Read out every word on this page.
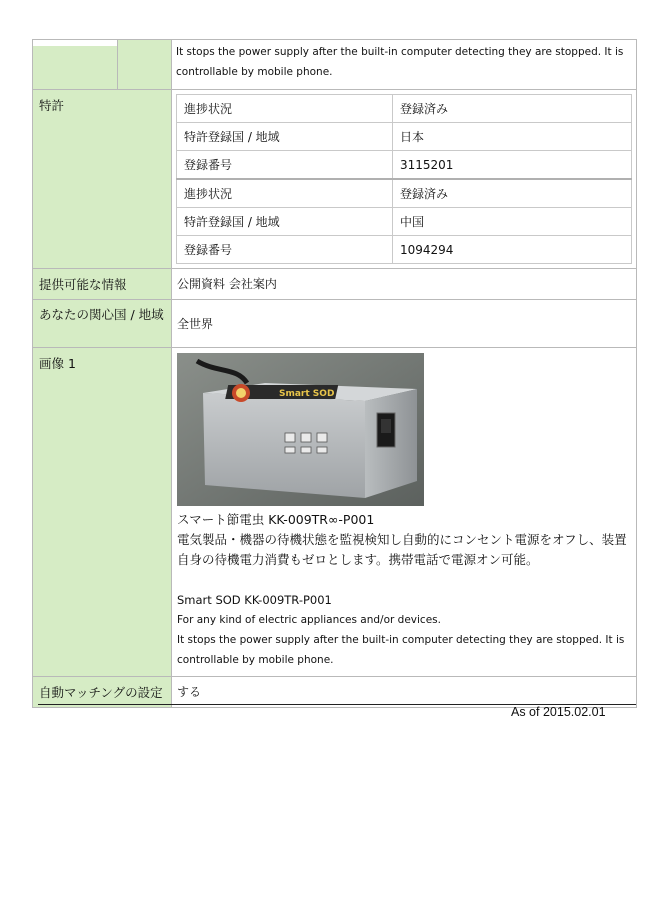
	It stops the power supply after the built-in computer detecting they are stopped. It is controllable by mobile phone.
特許		進捗状況	登録済み
特許登録国 / 地域	日本
登録番号	3115201
進捗状況	登録済み
特許登録国 / 地域	中国
登録番号	1094294

提供可能な情報	公開資料 会社案内
あなたの関心国 / 地域	全世界
画像 1	
Smart SOD
スマート節電虫 KK-009TR∞-P001
電気製品・機器の待機状態を監視検知し自動的にコンセント電源をオフし、装置自身の待機電力消費もゼロとします。携帯電話で電源オン可能。
Smart SOD KK-009TR-P001
For any kind of electric appliances and/or devices.
It stops the power supply after the built-in computer detecting they are stopped. It is controllable by mobile phone.

自動マッチングの設定	する
As of 2015.02.01
